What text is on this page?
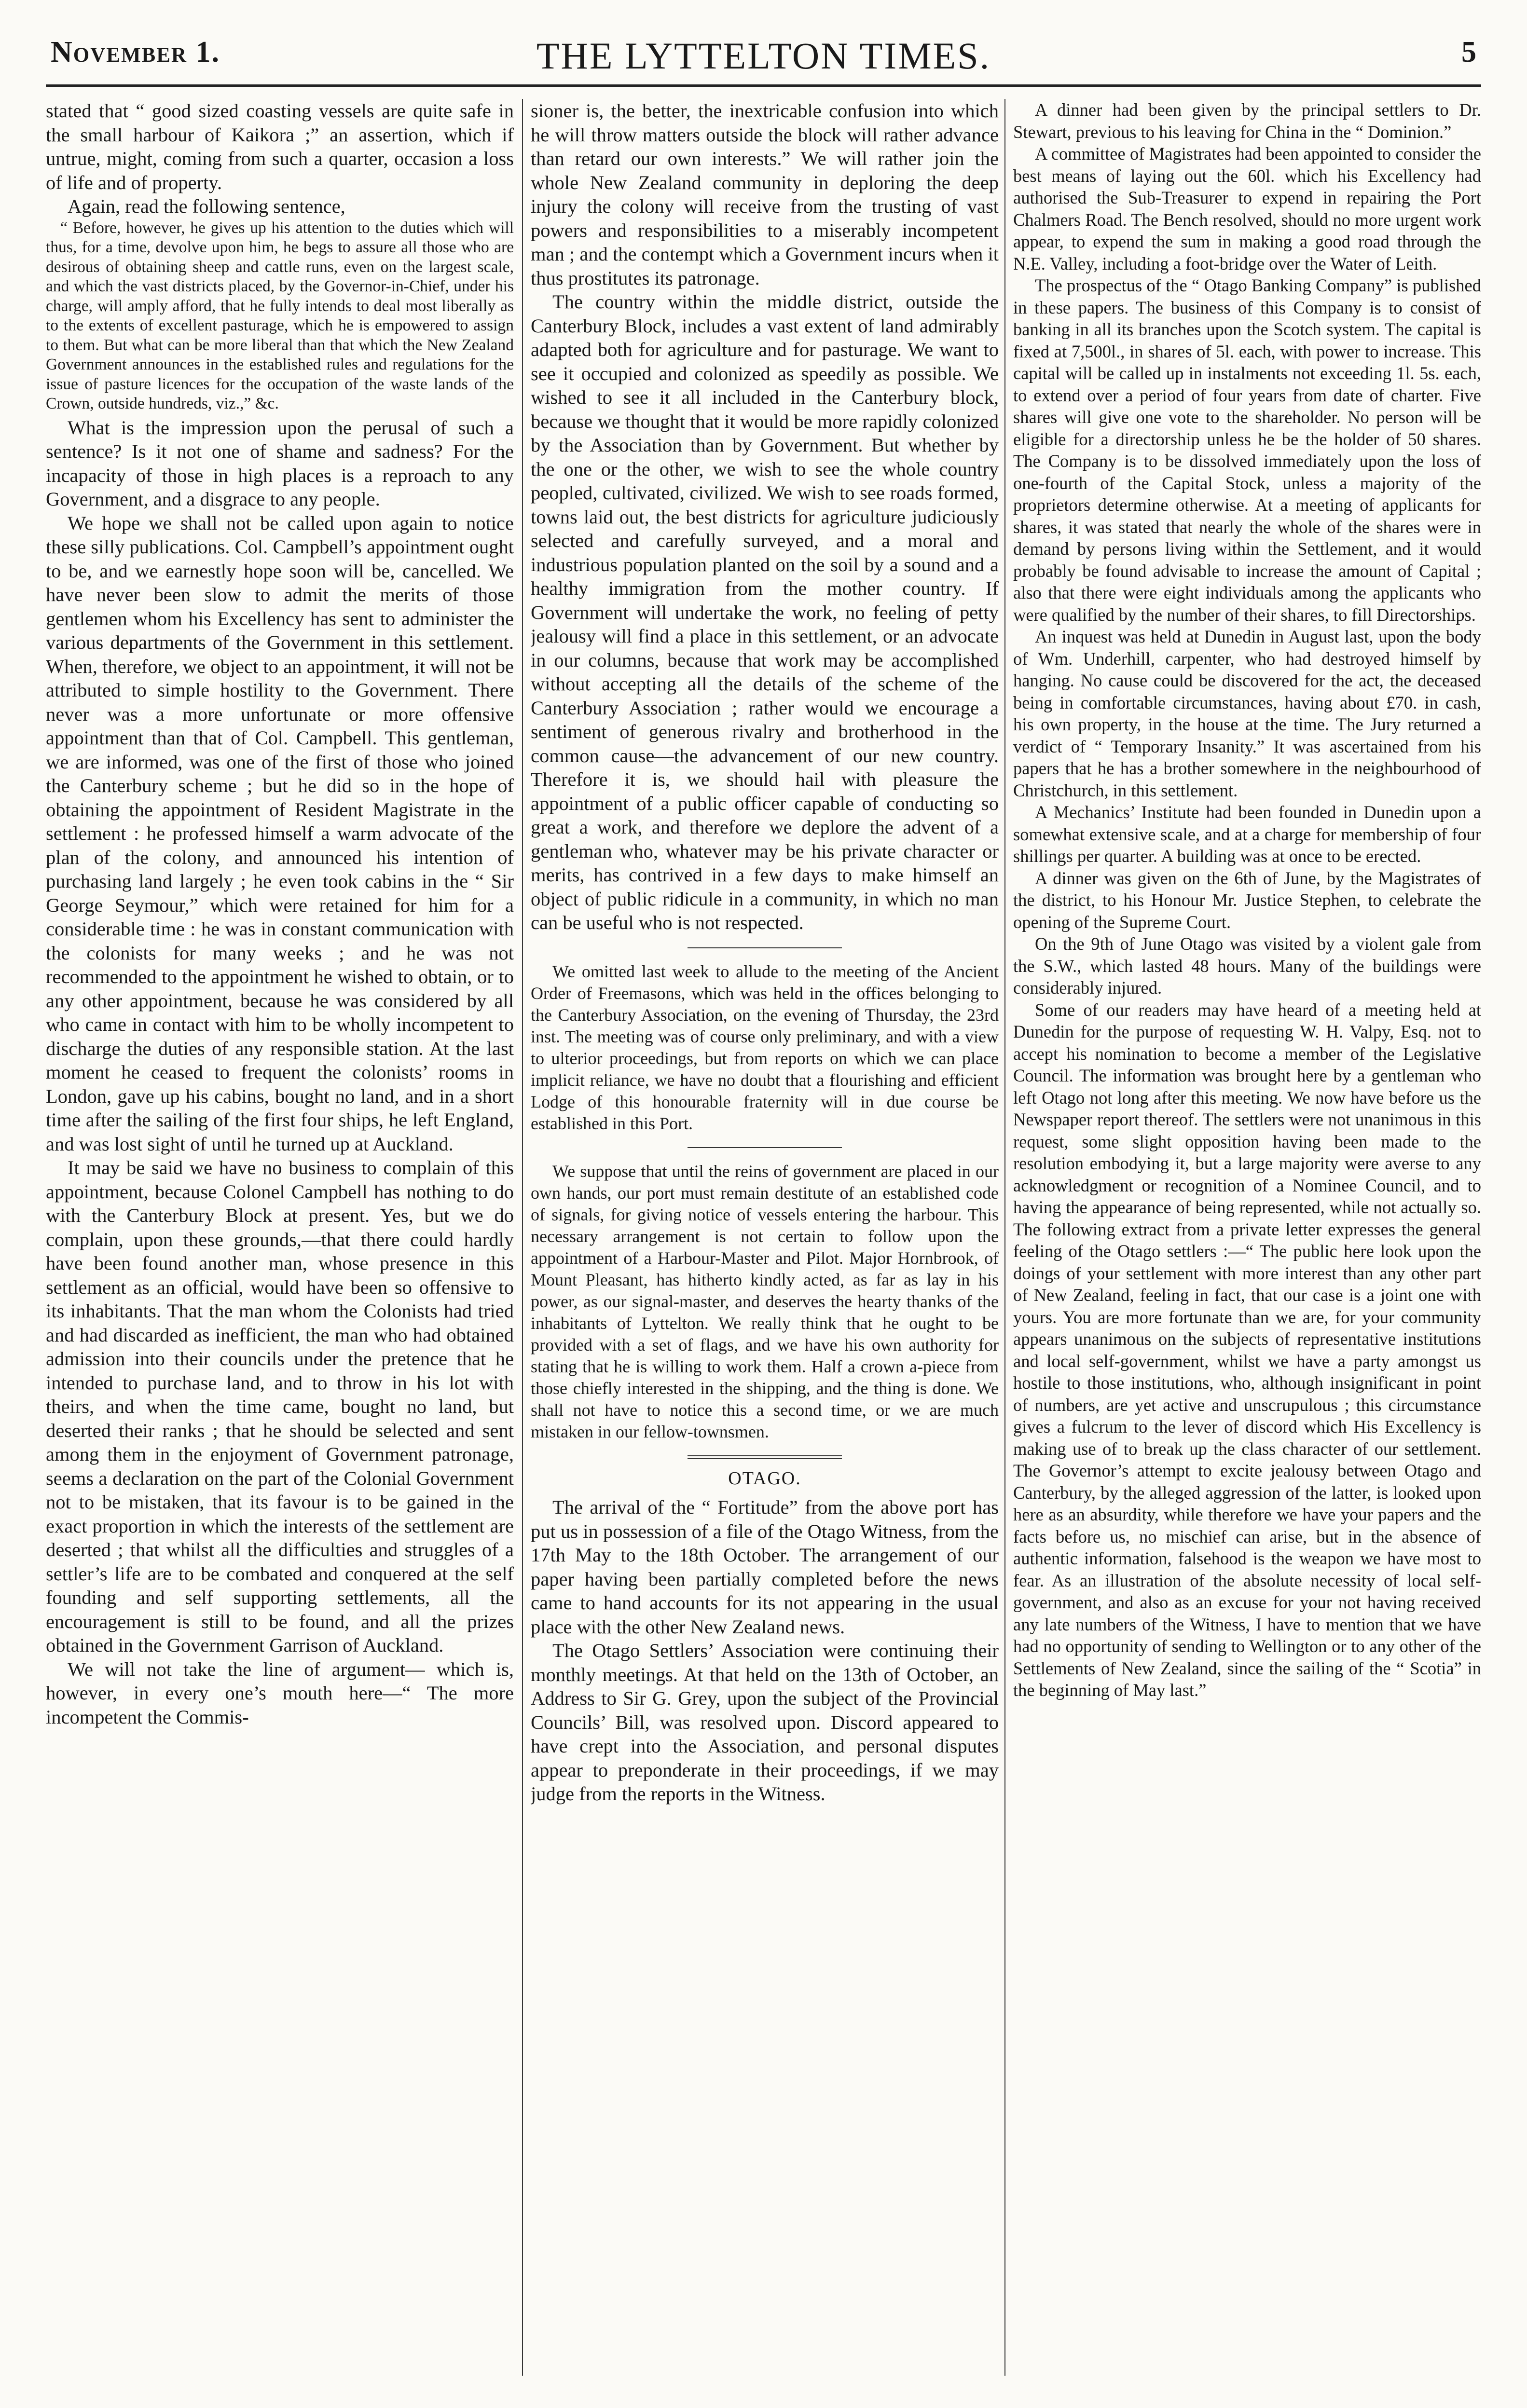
November 1.	THE LYTTELTON TIMES.	5

stated that “ good sized coasting vessels are quite safe in the small harbour of Kaikora ;” an assertion, which if untrue, might, coming from such a quarter, occasion a loss of life and of property.

Again, read the following sentence,

“ Before, however, he gives up his attention to the duties which will thus, for a time, devolve upon him, he begs to assure all those who are desirous of obtaining sheep and cattle runs, even on the largest scale, and which the vast districts placed, by the Governor-in-Chief, under his charge, will amply afford, that he fully intends to deal most liberally as to the extents of excellent pasturage, which he is empowered to assign to them. But what can be more liberal than that which the New Zealand Government announces in the established rules and regulations for the issue of pasture licences for the occupation of the waste lands of the Crown, outside hundreds, viz.,” &c.

What is the impression upon the perusal of such a sentence? Is it not one of shame and sadness? For the incapacity of those in high places is a reproach to any Government, and a disgrace to any people.

We hope we shall not be called upon again to notice these silly publications. Col. Campbell’s appointment ought to be, and we earnestly hope soon will be, cancelled. We have never been slow to admit the merits of those gentlemen whom his Excellency has sent to administer the various departments of the Government in this settlement. When, therefore, we object to an appointment, it will not be attributed to simple hostility to the Government. There never was a more unfortunate or more offensive appointment than that of Col. Campbell. This gentleman, we are informed, was one of the first of those who joined the Canterbury scheme ; but he did so in the hope of obtaining the appointment of Resident Magistrate in the settlement : he professed himself a warm advocate of the plan of the colony, and announced his intention of purchasing land largely ; he even took cabins in the “ Sir George Seymour,” which were retained for him for a considerable time : he was in constant communication with the colonists for many weeks ; and he was not recommended to the appointment he wished to obtain, or to any other appointment, because he was considered by all who came in contact with him to be wholly incompetent to discharge the duties of any responsible station. At the last moment he ceased to frequent the colonists’ rooms in London, gave up his cabins, bought no land, and in a short time after the sailing of the first four ships, he left England, and was lost sight of until he turned up at Auckland.

It may be said we have no business to complain of this appointment, because Colonel Campbell has nothing to do with the Canterbury Block at present. Yes, but we do complain, upon these grounds,—that there could hardly have been found another man, whose presence in this settlement as an official, would have been so offensive to its inhabitants. That the man whom the Colonists had tried and had discarded as inefficient, the man who had obtained admission into their councils under the pretence that he intended to purchase land, and to throw in his lot with theirs, and when the time came, bought no land, but deserted their ranks ; that he should be selected and sent among them in the enjoyment of Government patronage, seems a declaration on the part of the Colonial Government not to be mistaken, that its favour is to be gained in the exact proportion in which the interests of the settlement are deserted ; that whilst all the difficulties and struggles of a settler’s life are to be combated and conquered at the self founding and self supporting settlements, all the encouragement is still to be found, and all the prizes obtained in the Government Garrison of Auckland.

We will not take the line of argument— which is, however, in every one’s mouth here—“ The more incompetent the Commis-

sioner is, the better, the inextricable confusion into which he will throw matters outside the block will rather advance than retard our own interests.” We will rather join the whole New Zealand community in deploring the deep injury the colony will receive from the trusting of vast powers and responsibilities to a miserably incompetent man ; and the contempt which a Government incurs when it thus prostitutes its patronage.

The country within the middle district, outside the Canterbury Block, includes a vast extent of land admirably adapted both for agriculture and for pasturage. We want to see it occupied and colonized as speedily as possible. We wished to see it all included in the Canterbury block, because we thought that it would be more rapidly colonized by the Association than by Government. But whether by the one or the other, we wish to see the whole country peopled, cultivated, civilized. We wish to see roads formed, towns laid out, the best districts for agriculture judiciously selected and carefully surveyed, and a moral and industrious population planted on the soil by a sound and a healthy immigration from the mother country. If Government will undertake the work, no feeling of petty jealousy will find a place in this settlement, or an advocate in our columns, because that work may be accomplished without accepting all the details of the scheme of the Canterbury Association ; rather would we encourage a sentiment of generous rivalry and brotherhood in the common cause—the advancement of our new country. Therefore it is, we should hail with pleasure the appointment of a public officer capable of conducting so great a work, and therefore we deplore the advent of a gentleman who, whatever may be his private character or merits, has contrived in a few days to make himself an object of public ridicule in a community, in which no man can be useful who is not respected.

We omitted last week to allude to the meeting of the Ancient Order of Freemasons, which was held in the offices belonging to the Canterbury Association, on the evening of Thursday, the 23rd inst. The meeting was of course only preliminary, and with a view to ulterior proceedings, but from reports on which we can place implicit reliance, we have no doubt that a flourishing and efficient Lodge of this honourable fraternity will in due course be established in this Port.

We suppose that until the reins of government are placed in our own hands, our port must remain destitute of an established code of signals, for giving notice of vessels entering the harbour. This necessary arrangement is not certain to follow upon the appointment of a Harbour-Master and Pilot. Major Hornbrook, of Mount Pleasant, has hitherto kindly acted, as far as lay in his power, as our signal-master, and deserves the hearty thanks of the inhabitants of Lyttelton. We really think that he ought to be provided with a set of flags, and we have his own authority for stating that he is willing to work them. Half a crown a-piece from those chiefly interested in the shipping, and the thing is done. We shall not have to notice this a second time, or we are much mistaken in our fellow-townsmen.

OTAGO.

The arrival of the “ Fortitude” from the above port has put us in possession of a file of the Otago Witness, from the 17th May to the 18th October. The arrangement of our paper having been partially completed before the news came to hand accounts for its not appearing in the usual place with the other New Zealand news.

The Otago Settlers’ Association were continuing their monthly meetings. At that held on the 13th of October, an Address to Sir G. Grey, upon the subject of the Provincial Councils’ Bill, was resolved upon. Discord appeared to have crept into the Association, and personal disputes appear to preponderate in their proceedings, if we may judge from the reports in the Witness.

A dinner had been given by the principal settlers to Dr. Stewart, previous to his leaving for China in the “ Dominion.”

A committee of Magistrates had been appointed to consider the best means of laying out the 60l. which his Excellency had authorised the Sub-Treasurer to expend in repairing the Port Chalmers Road. The Bench resolved, should no more urgent work appear, to expend the sum in making a good road through the N.E. Valley, including a foot-bridge over the Water of Leith.

The prospectus of the “ Otago Banking Company” is published in these papers. The business of this Company is to consist of banking in all its branches upon the Scotch system. The capital is fixed at 7,500l., in shares of 5l. each, with power to increase. This capital will be called up in instalments not exceeding 1l. 5s. each, to extend over a period of four years from date of charter. Five shares will give one vote to the shareholder. No person will be eligible for a directorship unless he be the holder of 50 shares. The Company is to be dissolved immediately upon the loss of one-fourth of the Capital Stock, unless a majority of the proprietors determine otherwise. At a meeting of applicants for shares, it was stated that nearly the whole of the shares were in demand by persons living within the Settlement, and it would probably be found advisable to increase the amount of Capital ; also that there were eight individuals among the applicants who were qualified by the number of their shares, to fill Directorships.

An inquest was held at Dunedin in August last, upon the body of Wm. Underhill, carpenter, who had destroyed himself by hanging. No cause could be discovered for the act, the deceased being in comfortable circumstances, having about £70. in cash, his own property, in the house at the time. The Jury returned a verdict of “ Temporary Insanity.” It was ascertained from his papers that he has a brother somewhere in the neighbourhood of Christchurch, in this settlement.

A Mechanics’ Institute had been founded in Dunedin upon a somewhat extensive scale, and at a charge for membership of four shillings per quarter. A building was at once to be erected.

A dinner was given on the 6th of June, by the Magistrates of the district, to his Honour Mr. Justice Stephen, to celebrate the opening of the Supreme Court.

On the 9th of June Otago was visited by a violent gale from the S.W., which lasted 48 hours. Many of the buildings were considerably injured.

Some of our readers may have heard of a meeting held at Dunedin for the purpose of requesting W. H. Valpy, Esq. not to accept his nomination to become a member of the Legislative Council. The information was brought here by a gentleman who left Otago not long after this meeting. We now have before us the Newspaper report thereof. The settlers were not unanimous in this request, some slight opposition having been made to the resolution embodying it, but a large majority were averse to any acknowledgment or recognition of a Nominee Council, and to having the appearance of being represented, while not actually so. The following extract from a private letter expresses the general feeling of the Otago settlers :—“ The public here look upon the doings of your settlement with more interest than any other part of New Zealand, feeling in fact, that our case is a joint one with yours. You are more fortunate than we are, for your community appears unanimous on the subjects of representative institutions and local self-government, whilst we have a party amongst us hostile to those institutions, who, although insignificant in point of numbers, are yet active and unscrupulous ; this circumstance gives a fulcrum to the lever of discord which His Excellency is making use of to break up the class character of our settlement. The Governor’s attempt to excite jealousy between Otago and Canterbury, by the alleged aggression of the latter, is looked upon here as an absurdity, while therefore we have your papers and the facts before us, no mischief can arise, but in the absence of authentic information, falsehood is the weapon we have most to fear. As an illustration of the absolute necessity of local self-government, and also as an excuse for your not having received any late numbers of the Witness, I have to mention that we have had no opportunity of sending to Wellington or to any other of the Settlements of New Zealand, since the sailing of the “ Scotia” in the beginning of May last.”
